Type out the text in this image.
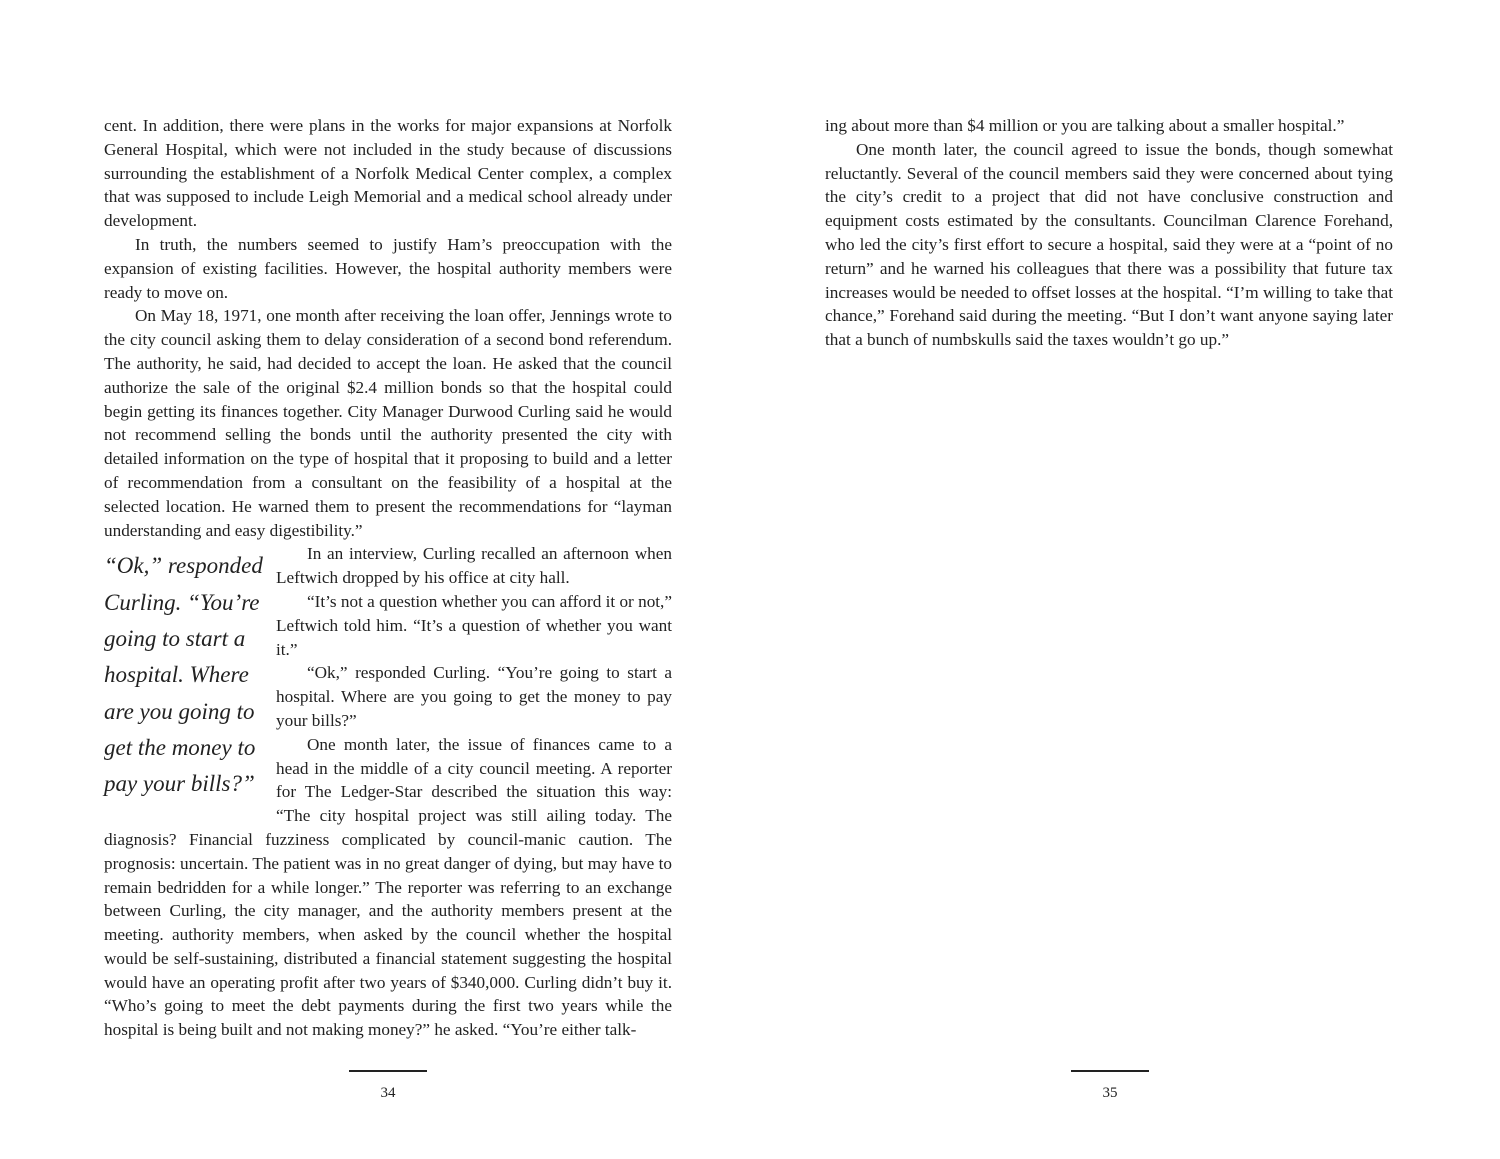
cent. In addition, there were plans in the works for major expansions at Norfolk General Hospital, which were not included in the study because of discussions surrounding the establishment of a Norfolk Medical Center complex, a complex that was supposed to include Leigh Memorial and a medical school already under development.

In truth, the numbers seemed to justify Ham’s preoccupation with the expansion of existing facilities. However, the hospital authority members were ready to move on.

On May 18, 1971, one month after receiving the loan offer, Jennings wrote to the city council asking them to delay consideration of a second bond referendum. The authority, he said, had decided to accept the loan. He asked that the council authorize the sale of the original $2.4 million bonds so that the hospital could begin getting its finances together. City Manager Durwood Curling said he would not recommend selling the bonds until the authority presented the city with detailed information on the type of hospital that it proposing to build and a letter of recommendation from a consultant on the feasibility of a hospital at the selected location. He warned them to present the recommendations for “layman understanding and easy digestibility.”

“Ok,” responded Curling. “You’re going to start a hospital. Where are you going to get the money to pay your bills?”

In an interview, Curling recalled an afternoon when Leftwich dropped by his office at city hall.

“It’s not a question whether you can afford it or not,” Leftwich told him. “It’s a question of whether you want it.”

“Ok,” responded Curling. “You’re going to start a hospital. Where are you going to get the money to pay your bills?”

One month later, the issue of finances came to a head in the middle of a city council meeting. A reporter for The Ledger-Star described the situation this way: “The city hospital project was still ailing today. The diagnosis? Financial fuzziness complicated by council-manic caution. The prognosis: uncertain. The patient was in no great danger of dying, but may have to remain bedridden for a while longer.” The reporter was referring to an exchange between Curling, the city manager, and the authority members present at the meeting. authority members, when asked by the council whether the hospital would be self-sustaining, distributed a financial statement suggesting the hospital would have an operating profit after two years of $340,000. Curling didn’t buy it. “Who’s going to meet the debt payments during the first two years while the hospital is being built and not making money?” he asked. “You’re either talk-

34

ing about more than $4 million or you are talking about a smaller hospital.”

One month later, the council agreed to issue the bonds, though somewhat reluctantly. Several of the council members said they were concerned about tying the city’s credit to a project that did not have conclusive construction and equipment costs estimated by the consultants. Councilman Clarence Forehand, who led the city’s first effort to secure a hospital, said they were at a “point of no return” and he warned his colleagues that there was a possibility that future tax increases would be needed to offset losses at the hospital. “I’m willing to take that chance,” Forehand said during the meeting. “But I don’t want anyone saying later that a bunch of numbskulls said the taxes wouldn’t go up.”

35
